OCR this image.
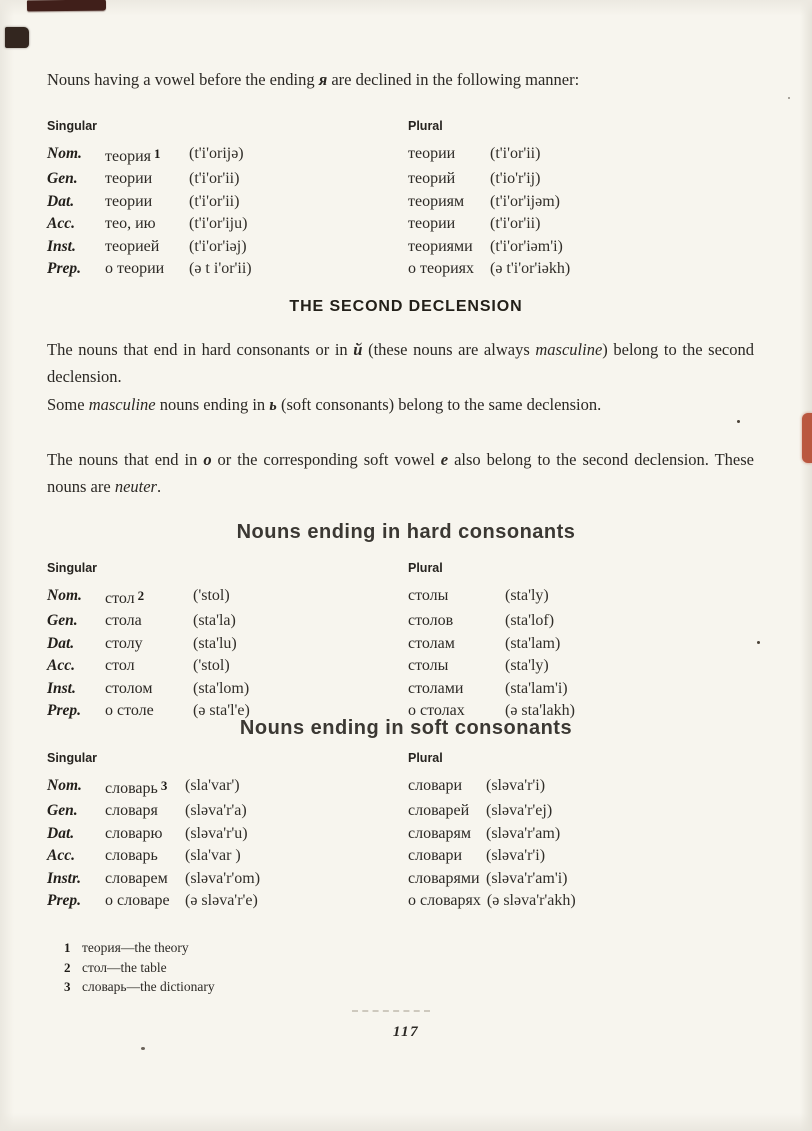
Nouns having a vowel before the ending я are declined in the following manner:

Singular	Plural
Nom.	теория 1	(t'i'orijə)	теории	(t'i'or'ii)
Gen.	теории	(t'i'or'ii)	теорий	(t'io'r'ij)
Dat.	теории	(t'i'or'ii)	теориям	(t'i'or'ijəm)
Acc.	тео, ию	(t'i'or'iju)	теории	(t'i'or'ii)
Inst.	теорией	(t'i'or'iəj)	теориями	(t'i'or'iəm'i)
Prep.	о теории	(ə t i'or'ii)	о теориях (ə t'i'or'iəkh)
THE SECOND DECLENSION

The nouns that end in hard consonants or in й (these nouns are always masculine) belong to the second declension.

Some masculine nouns ending in ь (soft consonants) belong to the same declension.

The nouns that end in о or the corresponding soft vowel е also belong to the second declension. These nouns are neuter.

Nouns ending in hard consonants
Singular	Plural
Nom.	стол 2	('stol)	столы	(sta'ly)
Gen.	стола	(sta'la)	столов	(sta'lof)
Dat.	столу	(sta'lu)	столам	(sta'lam)
Acc.	стол	('stol)	столы	(sta'ly)
Inst.	столом	(sta'lom)	столами	(sta'lam'i)
Prep.	о столе	(ə sta'l'e)	о столах	(ə sta'lakh)
Nouns ending in soft consonants
Singular	Plural
Nom.	словарь 3	(sla'var')	словари	(sləva'r'i)
Gen.	словаря	(sləva'r'a)	словарей	(sləva'r'ej)
Dat.	словарю	(sləva'r'u)	словарям (sləva'r'am)
Acc.	словарь	(sla'var )	словари	(sləva'r'i)
Instr.	словарем	(sləva'r'om)	словарями (sləva'r'am'i)
Prep.	о словаре (ə sləva'r'e)	о словарях (ə sləva'r'akh)
1 теория—the theory
2 стол—the table
3 словарь—the dictionary
117
